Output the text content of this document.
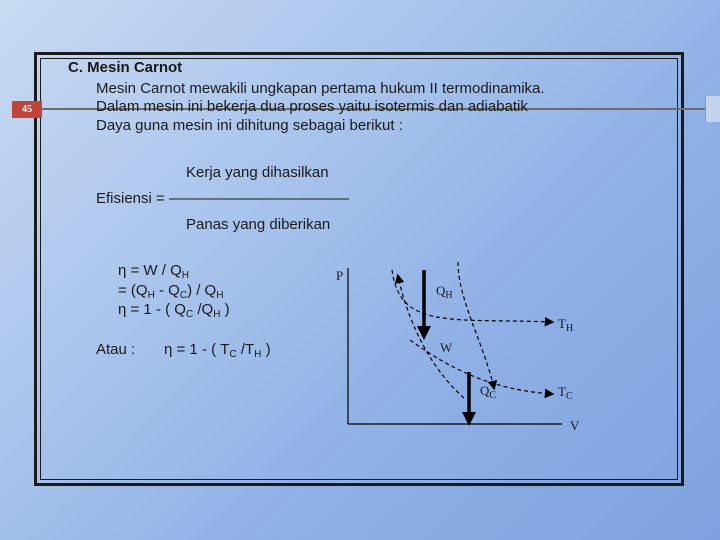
45
C. Mesin Carnot
Mesin Carnot mewakili ungkapan pertama hukum II termodinamika.
Dalam mesin ini bekerja dua proses yaitu isotermis dan adiabatik
Daya guna mesin ini dihitung sebagai berikut :
Kerja yang dihasilkan
Efisiensi = ————————————
Panas yang diberikan
$\eta = W / Q_H$
= $(Q_H - Q_C) / Q_H$
η = 1 - ( $Q_C$ $/Q_H$ )
Atau : η = 1 - ( $T_C$ $/T_H$ )
P
V
$Q_H$
$T_H$
W
$Q_C$	$T_C$
